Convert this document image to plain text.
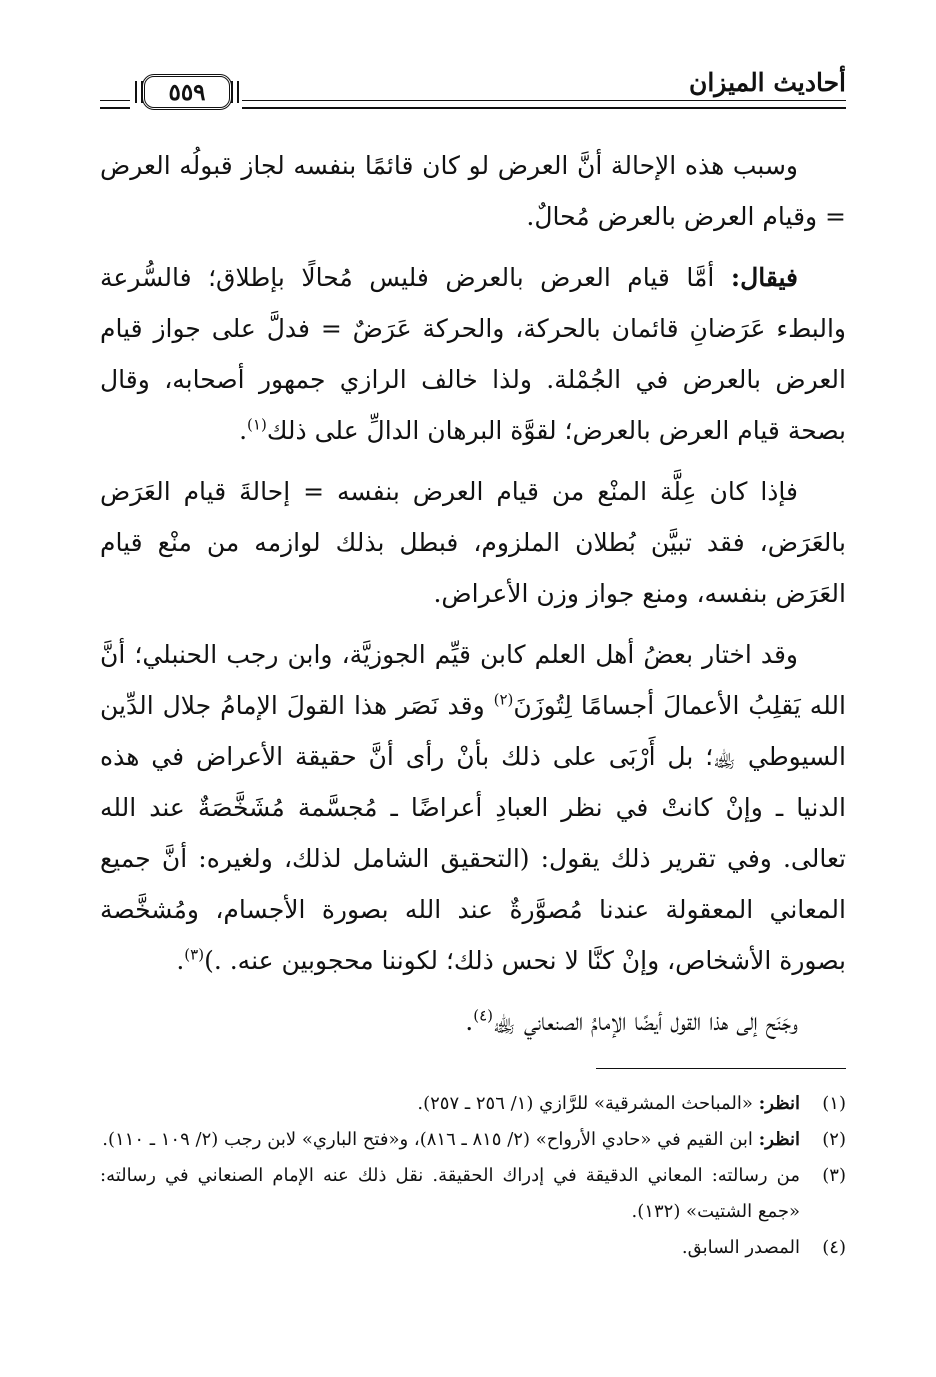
أحاديث الميزان
٥٥٩

وسبب هذه الإحالة أنَّ العرض لو كان قائمًا بنفسه لجاز قبولُه العرض = وقيام العرض بالعرض مُحالٌ.

فيقال: أمَّا قيام العرض بالعرض فليس مُحالًا بإطلاق؛ فالسُّرعة والبطء عَرَضانِ قائمان بالحركة، والحركة عَرَضٌ = فدلَّ على جواز قيام العرض بالعرض في الجُمْلة. ولذا خالف الرازي جمهور أصحابه، وقال بصحة قيام العرض بالعرض؛ لقوَّة البرهان الدالِّ على ذلك$^{(١)}$.

فإذا كان عِلَّة المنْع من قيام العرض بنفسه = إحالةَ قيام العَرَض بالعَرَض، فقد تبيَّن بُطلان الملزوم، فبطل بذلك لوازمه من منْع قيام العَرَض بنفسه، ومنع جواز وزن الأعراض.

وقد اختار بعضُ أهل العلم كابن قيِّم الجوزيَّة، وابن رجب الحنبلي؛ أنَّ الله يَقلِبُ الأعمالَ أجسامًا لِتُوزَنَ$^{(٢)}$ وقد نَصَر هذا القولَ الإمامُ جلال الدِّين السيوطي ﵀؛ بل أَرْبَى على ذلك بأنْ رأى أنَّ حقيقة الأعراض في هذه الدنيا ـ وإنْ كانتْ في نظر العبادِ أعراضًا ـ مُجسَّمة مُشَخَّصَةٌ عند الله تعالى. وفي تقرير ذلك يقول: (التحقيق الشامل لذلك، ولغيره: أنَّ جميع المعاني المعقولة عندنا مُصوَّرةٌ عند الله بصورة الأجسام، ومُشخَّصة بصورة الأشخاص، وإنْ كنَّا لا نحس ذلك؛ لكوننا محجوبين عنه. .)$^{(٣)}$.

وجَنَح إلى هذا القول أيضًا الإمامُ الصنعاني ﵀$^{(٤)}$.

(١)
انظر: «المباحث المشرقية» للرَّازي (١/ ٢٥٦ ـ ٢٥٧).
(٢)
انظر: ابن القيم في «حادي الأرواح» (٢/ ٨١٥ ـ ٨١٦)، و«فتح الباري» لابن رجب (٢/ ١٠٩ ـ ١١٠).
(٣)
من رسالته: المعاني الدقيقة في إدراك الحقيقة. نقل ذلك عنه الإمام الصنعاني في رسالته: «جمع الشتيت» (١٣٢).
(٤)
المصدر السابق.
